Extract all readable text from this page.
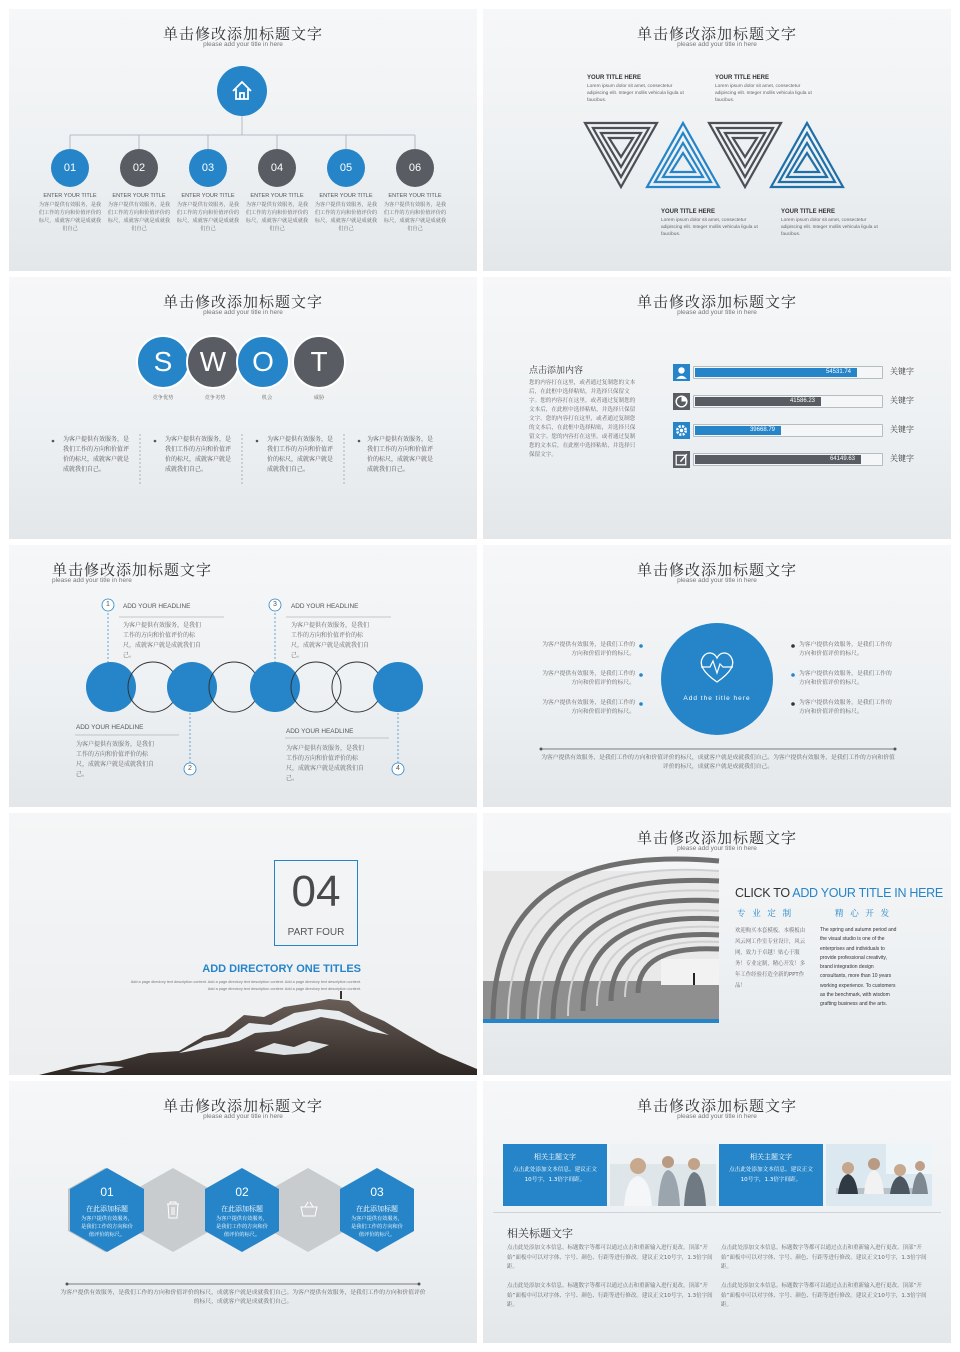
单击修改添加标题文字
please add your title in here
01	02	03	04	05	06
ENTER YOUR TITLE	ENTER YOUR TITLE	ENTER YOUR TITLE	ENTER YOUR TITLE	ENTER YOUR TITLE	ENTER YOUR TITLE
为客户提供有效服务，是我们工作的方向和价值评价的标尺，成就客户就是成就我们自己
为客户提供有效服务，是我们工作的方向和价值评价的标尺，成就客户就是成就我们自己
为客户提供有效服务，是我们工作的方向和价值评价的标尺，成就客户就是成就我们自己
为客户提供有效服务，是我们工作的方向和价值评价的标尺，成就客户就是成就我们自己
为客户提供有效服务，是我们工作的方向和价值评价的标尺，成就客户就是成就我们自己
为客户提供有效服务，是我们工作的方向和价值评价的标尺，成就客户就是成就我们自己
单击修改添加标题文字
please add your title in here
YOUR TITLE HERE
Lorem ipsum dolor sit amet, consectetur adipiscing elit. Integer mollis vehicula ligula ut faucibus.
YOUR TITLE HERE
Lorem ipsum dolor sit amet, consectetur adipiscing elit. Integer mollis vehicula ligula ut faucibus.
YOUR TITLE HERE
Lorem ipsum dolor sit amet, consectetur adipiscing elit. Integer mollis vehicula ligula ut faucibus.
YOUR TITLE HERE
Lorem ipsum dolor sit amet, consectetur adipiscing elit. Integer mollis vehicula ligula ut faucibus.
单击修改添加标题文字
please add your title in here
S W O	T
竞争优势	竞争劣势	机会	威胁
为客户提供有效服务，是我们工作的方向和价值评价的标尺，成就客户就是成就我们自己。
为客户提供有效服务，是我们工作的方向和价值评价的标尺，成就客户就是成就我们自己。
为客户提供有效服务，是我们工作的方向和价值评价的标尺，成就客户就是成就我们自己。
为客户提供有效服务，是我们工作的方向和价值评价的标尺，成就客户就是成就我们自己。
单击修改添加标题文字
please add your title in here
点击添加内容
您的内容打在这里，或者通过复制您的文本后，在此框中选择粘贴，并选择只保留文字。您的内容打在这里，或者通过复制您的文本后，在此框中选择粘贴，并选择只保留文字。您的内容打在这里，或者通过复制您的文本后，在此框中选择粘贴，并选择只保留文字。您的内容打在这里，或者通过复制您的文本后，在此框中选择粘贴，并选择只保留文字。
54531.74	关键字
41586.23	关键字
39668.79	关键字
64149.63	关键字
单击修改添加标题文字
please add your title in here
1
2
3
4
ADD YOUR HEADLINE
为客户提供有效服务，是我们工作的方向和价值评价的标尺，成就客户就是成就我们自己。
ADD YOUR HEADLINE
为客户提供有效服务，是我们工作的方向和价值评价的标尺，成就客户就是成就我们自己。
ADD YOUR HEADLINE
为客户提供有效服务，是我们工作的方向和价值评价的标尺，成就客户就是成就我们自己。
ADD YOUR HEADLINE
为客户提供有效服务，是我们工作的方向和价值评价的标尺，成就客户就是成就我们自己。
单击修改添加标题文字
please add your title in here
Add the title here
为客户提供有效服务，是我们工作的方向和价值评价的标尺。
为客户提供有效服务，是我们工作的方向和价值评价的标尺。
为客户提供有效服务，是我们工作的方向和价值评价的标尺。
为客户提供有效服务，是我们工作的方向和价值评价的标尺。
为客户提供有效服务，是我们工作的方向和价值评价的标尺。
为客户提供有效服务，是我们工作的方向和价值评价的标尺。
为客户提供有效服务，是我们工作的方向和价值评价的标尺，成就客户就是成就我们自己。为客户提供有效服务，是我们工作的方向和价值评价的标尺，成就客户就是成就我们自己。
04
PART FOUR
ADD DIRECTORY ONE TITLES
Add a page directory text description content. Add a page directory text description content. Add a page directory text description content.
Add a page directory text description content. Add a page directory text description content.
单击修改添加标题文字
please add your title in here
CLICK TO ADD YOUR TITLE IN HERE
专 业 定 制	精 心 开 发
欢迎购买本套模板。本模板由风云网工作室专业设计，风云网，致力于卓越！贴心于服务！专业定制，精心开发！多年工作经验打造全新的PPT作品！
The spring and autumn period and the visual studio is one of the enterprises and individuals to provide professional creativity, brand integration design consultants, more than 10 years working experience. To customers as the benchmark, with wisdom grafting business and the arts.
单击修改添加标题文字
please add your title in here
01
在此添加标题
为客户提供有效服务，是我们工作的方向和价值评价的标尺。
02
在此添加标题
为客户提供有效服务，是我们工作的方向和价值评价的标尺。
03
在此添加标题
为客户提供有效服务，是我们工作的方向和价值评价的标尺。
为客户提供有效服务，是我们工作的方向和价值评价的标尺，成就客户就是成就我们自己。为客户提供有效服务，是我们工作的方向和价值评价的标尺，成就客户就是成就我们自己。
单击修改添加标题文字
please add your title in here
相关主题文字
点击此处添加文本信息。建议正文10号字，1.3倍字间距。
相关主题文字
点击此处添加文本信息。建议正文10号字，1.3倍字间距。
相关标题文字
点击此处添加文本信息。标题数字等都可以通过点击和重新输入进行更改。顶部“开始”面板中可以对字体、字号、颜色、行距等进行修改。建议正文10号字，1.3倍字间距。
点击此处添加文本信息。标题数字等都可以通过点击和重新输入进行更改。顶部“开始”面板中可以对字体、字号、颜色、行距等进行修改。建议正文10号字，1.3倍字间距。
点击此处添加文本信息。标题数字等都可以通过点击和重新输入进行更改。顶部“开始”面板中可以对字体、字号、颜色、行距等进行修改。建议正文10号字，1.3倍字间距。
点击此处添加文本信息。标题数字等都可以通过点击和重新输入进行更改。顶部“开始”面板中可以对字体、字号、颜色、行距等进行修改。建议正文10号字，1.3倍字间距。
